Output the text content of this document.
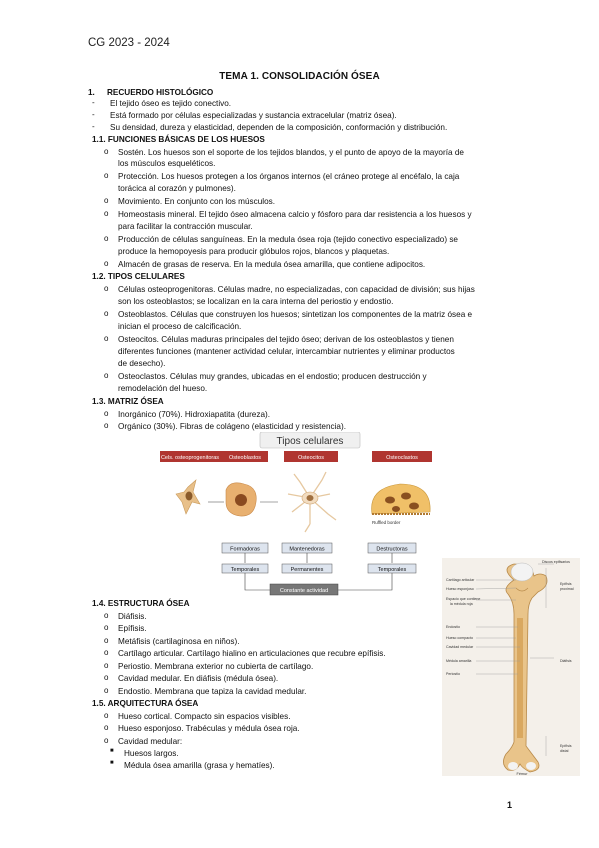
CG 2023 - 2024
TEMA 1. CONSOLIDACIÓN ÓSEA
1. RECUERDO HISTOLÓGICO
- El tejido óseo es tejido conectivo.
- Está formado por células especializadas y sustancia extracelular (matriz ósea).
- Su densidad, dureza y elasticidad, dependen de la composición, conformación y distribución.
1.1. FUNCIONES BÁSICAS DE LOS HUESOS
o Sostén. Los huesos son el soporte de los tejidos blandos, y el punto de apoyo de la mayoría de
los músculos esqueléticos.
o Protección. Los huesos protegen a los órganos internos (el cráneo protege al encéfalo, la caja
torácica al corazón y pulmones).
o Movimiento. En conjunto con los músculos.
o Homeostasis mineral. El tejido óseo almacena calcio y fósforo para dar resistencia a los huesos y
para facilitar la contracción muscular.
o Producción de células sanguíneas. En la medula ósea roja (tejido conectivo especializado) se
produce la hemopoyesis para producir glóbulos rojos, blancos y plaquetas.
o Almacén de grasas de reserva. En la medula ósea amarilla, que contiene adipocitos.
1.2. TIPOS CELULARES
o Células osteoprogenitoras. Células madre, no especializadas, con capacidad de división; sus hijas
son los osteoblastos; se localizan en la cara interna del periostio y endostio.
o Osteoblastos. Células que construyen los huesos; sintetizan los componentes de la matriz ósea e
inician el proceso de calcificación.
o Osteocitos. Células maduras principales del tejido óseo; derivan de los osteoblastos y tienen
diferentes funciones (mantener actividad celular, intercambiar nutrientes y eliminar productos
de desecho).
o Osteoclastos. Células muy grandes, ubicadas en el endostio; producen destrucción y
remodelación del hueso.
1.3. MATRIZ ÓSEA
o Inorgánico (70%). Hidroxiapatita (dureza).
o Orgánico (30%). Fibras de colágeno (elasticidad y resistencia).
Tipos celulares
Cels. osteoprogenitoras Osteoblastos	Osteocitos	Osteoclastos
Ruffled border
Formadoras	Mantenedoras	Destructoras
Temporales	Permanentes	Temporales
Constante actividad
1.4. ESTRUCTURA ÓSEA
o Diáfisis.
o Epífisis.
o Metáfisis (cartilaginosa en niños).
o Cartílago articular. Cartílago hialino en articulaciones que recubre epífisis.
o Periostio. Membrana exterior no cubierta de cartílago.
o Cavidad medular. En diáfisis (médula ósea).
o Endostio. Membrana que tapiza la cavidad medular.
1.5. ARQUITECTURA ÓSEA
o Hueso cortical. Compacto sin espacios visibles.
o Hueso esponjoso. Trabéculas y médula ósea roja.
o Cavidad medular:
■ Huesos largos.
■ Médula ósea amarilla (grasa y hematíes).
Cartílago articular
Hueso esponjoso
Espacio que contiene
la médula roja
Endostio
Hueso compacto
Cavidad medular
Médula amarilla
Periostio
Discos epifisarios
Epífisis
proximal
Diáfisis
Epífisis
distal
Fémur
1
